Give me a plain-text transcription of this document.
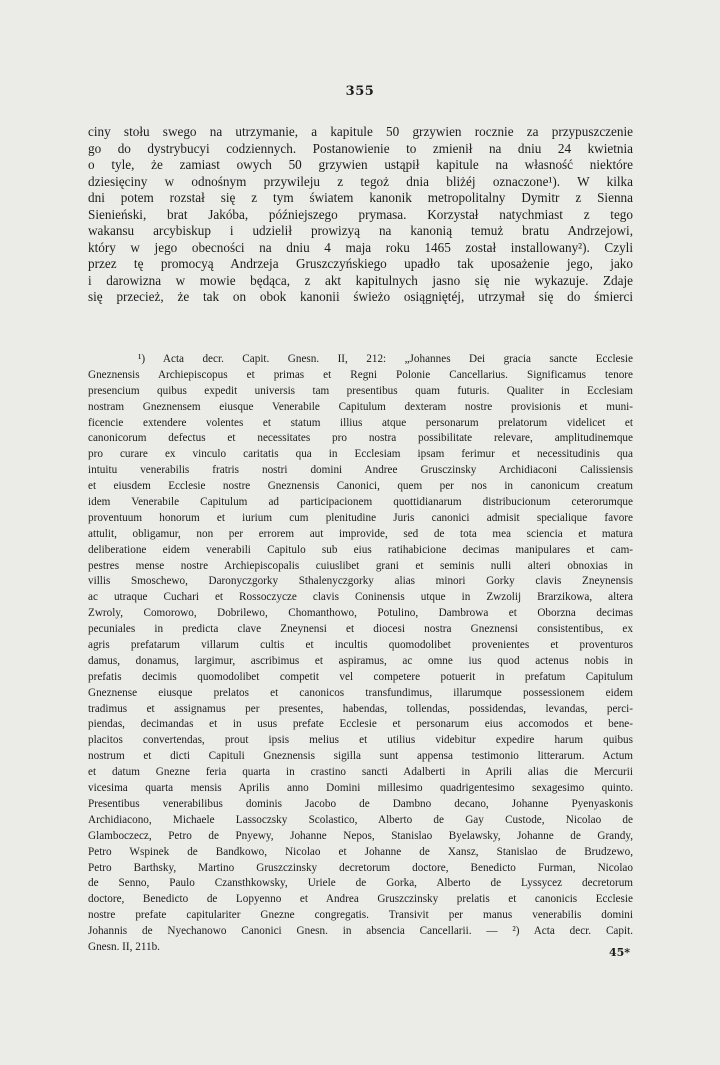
355
ciny stołu swego na utrzymanie, a kapitule 50 grzywien rocznie za przypuszczenie
go do dystrybucyi codziennych. Postanowienie to zmienił na dniu 24 kwietnia
o tyle, że zamiast owych 50 grzywien ustąpił kapitule na własność niektóre
dziesięciny w odnośnym przywileju z tegoż dnia bliżéj oznaczone¹). W kilka
dni potem rozstał się z tym światem kanonik metropolitalny Dymitr z Sienna
Sienieński, brat Jakóba, późniejszego prymasa. Korzystał natychmiast z tego
wakansu arcybiskup i udzielił prowizyą na kanonią temuż bratu Andrzejowi,
który w jego obecności na dniu 4 maja roku 1465 został installowany²). Czyli
przez tę promocyą Andrzeja Gruszczyńskiego upadło tak uposażenie jego, jako
i darowizna w mowie będąca, z akt kapitulnych jasno się nie wykazuje. Zdaje
się przecież, że tak on obok kanonii świeżo osiągniętéj, utrzymał się do śmierci
¹) Acta decr. Capit. Gnesn. II, 212: „Johannes Dei gracia sancte Ecclesie
Gneznensis Archiepiscopus et primas et Regni Polonie Cancellarius. Significamus tenore
presencium quibus expedit universis tam presentibus quam futuris. Qualiter in Ecclesiam
nostram Gneznensem eiusque Venerabile Capitulum dexteram nostre provisionis et muni-
ficencie extendere volentes et statum illius atque personarum prelatorum videlicet et
canonicorum defectus et necessitates pro nostra possibilitate relevare, amplitudinemque
pro curare ex vinculo caritatis qua in Ecclesiam ipsam ferimur et necessitudinis qua
intuitu venerabilis fratris nostri domini Andree Grusczinsky Archidiaconi Calissiensis
et eiusdem Ecclesie nostre Gneznensis Canonici, quem per nos in canonicum creatum
idem Venerabile Capitulum ad participacionem quottidianarum distribucionum ceterorumque
proventuum honorum et iurium cum plenitudine Juris canonici admisit specialique favore
attulit, obligamur, non per errorem aut improvide, sed de tota mea sciencia et matura
deliberatione eidem venerabili Capitulo sub eius ratihabicione decimas manipulares et cam-
pestres mense nostre Archiepiscopalis cuiuslibet grani et seminis nulli alteri obnoxias in
villis Smoschewo, Daronyczgorky Sthalenyczgorky alias minori Gorky clavis Zneynensis
ac utraque Cuchari et Rossoczycze clavis Coninensis utque in Zwzolij Brarzikowa, altera
Zwroly, Comorowo, Dobrilewo, Chomanthowo, Potulino, Dambrowa et Oborzna decimas
pecuniales in predicta clave Zneynensi et diocesi nostra Gneznensi consistentibus, ex
agris prefatarum villarum cultis et incultis quomodolibet provenientes et proventuros
damus, donamus, largimur, ascribimus et aspiramus, ac omne ius quod actenus nobis in
prefatis decimis quomodolibet competit vel competere potuerit in prefatum Capitulum
Gneznense eiusque prelatos et canonicos transfundimus, illarumque possessionem eidem
tradimus et assignamus per presentes, habendas, tollendas, possidendas, levandas, perci-
piendas, decimandas et in usus prefate Ecclesie et personarum eius accomodos et bene-
placitos convertendas, prout ipsis melius et utilius videbitur expedire harum quibus
nostrum et dicti Capituli Gneznensis sigilla sunt appensa testimonio litterarum. Actum
et datum Gnezne feria quarta in crastino sancti Adalberti in Aprili alias die Mercurii
vicesima quarta mensis Aprilis anno Domini millesimo quadrigentesimo sexagesimo quinto.
Presentibus venerabilibus dominis Jacobo de Dambno decano, Johanne Pyenyaskonis
Archidiacono, Michaele Lassoczsky Scolastico, Alberto de Gay Custode, Nicolao de
Glamboczecz, Petro de Pnyewy, Johanne Nepos, Stanislao Byelawsky, Johanne de Grandy,
Petro Wspinek de Bandkowo, Nicolao et Johanne de Xansz, Stanislao de Brudzewo,
Petro Barthsky, Martino Gruszczinsky decretorum doctore, Benedicto Furman, Nicolao
de Senno, Paulo Czansthkowsky, Uriele de Gorka, Alberto de Lyssycez decretorum
doctore, Benedicto de Lopyenno et Andrea Gruszczinsky prelatis et canonicis Ecclesie
nostre prefate capitulariter Gnezne congregatis. Transivit per manus venerabilis domini
Johannis de Nyechanowo Canonici Gnesn. in absencia Cancellarii. — ²) Acta decr. Capit.
Gnesn. II, 211b.	45*
